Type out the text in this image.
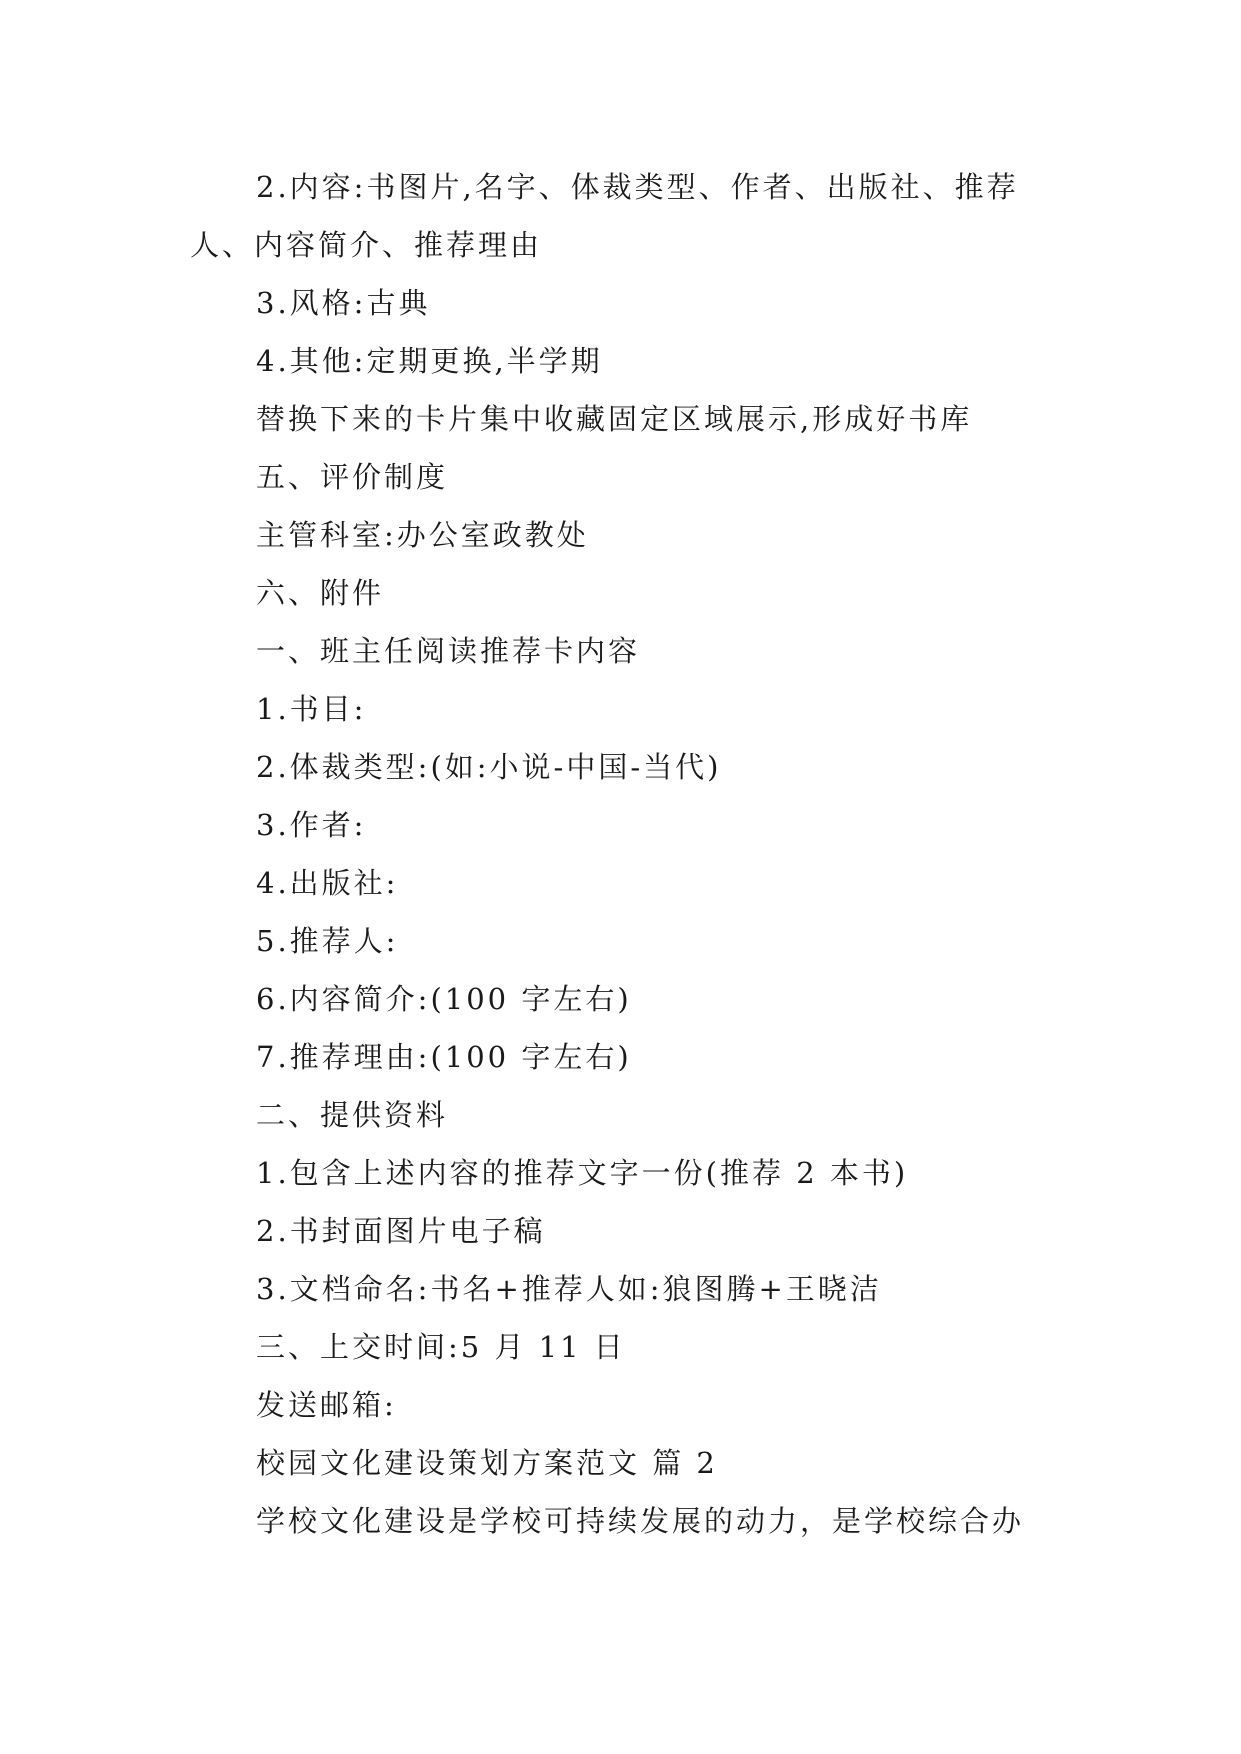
2.内容:书图片,名字、体裁类型、作者、出版社、推荐
人、内容简介、推荐理由
3.风格:古典
4.其他:定期更换,半学期
替换下来的卡片集中收藏固定区域展示,形成好书库
五、评价制度
主管科室:办公室政教处
六、附件
一、班主任阅读推荐卡内容
1.书目:
2.体裁类型:(如:小说-中国-当代)
3.作者:
4.出版社:
5.推荐人:
6.内容简介:(100 字左右)
7.推荐理由:(100 字左右)
二、提供资料
1.包含上述内容的推荐文字一份(推荐 2 本书)
2.书封面图片电子稿
3.文档命名:书名+推荐人如:狼图腾+王晓洁
三、上交时间:5 月 11 日
发送邮箱:
校园文化建设策划方案范文 篇 2
学校文化建设是学校可持续发展的动力，是学校综合办
